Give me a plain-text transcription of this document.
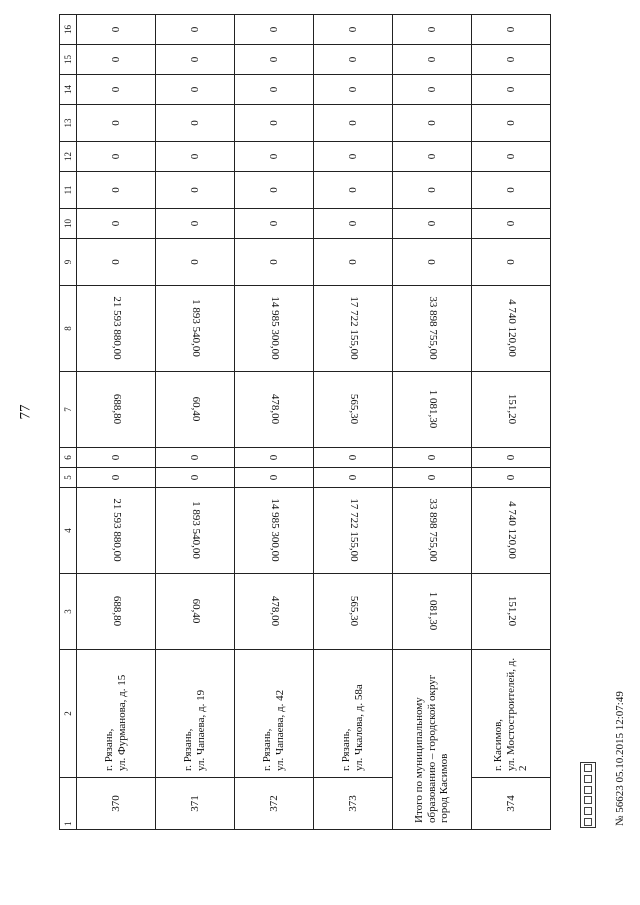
77
1	2	3	4	5	6	7	8	9	10	11	12	13	14	15	16
370	г. Рязань, ул. Фурманова, д. 15	688,80	21 593 880,00	0	0	688,80	21 593 880,00	0	0	0	0	0	0	0	0
371	г. Рязань, ул. Чапаева, д. 19	60,40	1 893 540,00	0	0	60,40	1 893 540,00	0	0	0	0	0	0	0	0
372	г. Рязань, ул. Чапаева, д. 42	478,00	14 985 300,00	0	0	478,00	14 985 300,00	0	0	0	0	0	0	0	0
373	г. Рязань, ул. Чкалова, д. 58а	565,30	17 722 155,00	0	0	565,30	17 722 155,00	0	0	0	0	0	0	0	0

Итого по муниципальному образованию – городской округ город Касимов		1 081,30	33 898 755,00	0	0	1 081,30	33 898 755,00	0	0	0	0	0	0	0	0
374	г. Касимов, ул. Мостостроителей, д. 2	151,20	4 740 120,00	0	0	151,20	4 740 120,00	0	0	0	0	0	0	0	0
№ 56623 05.10.2015 12:07:49
